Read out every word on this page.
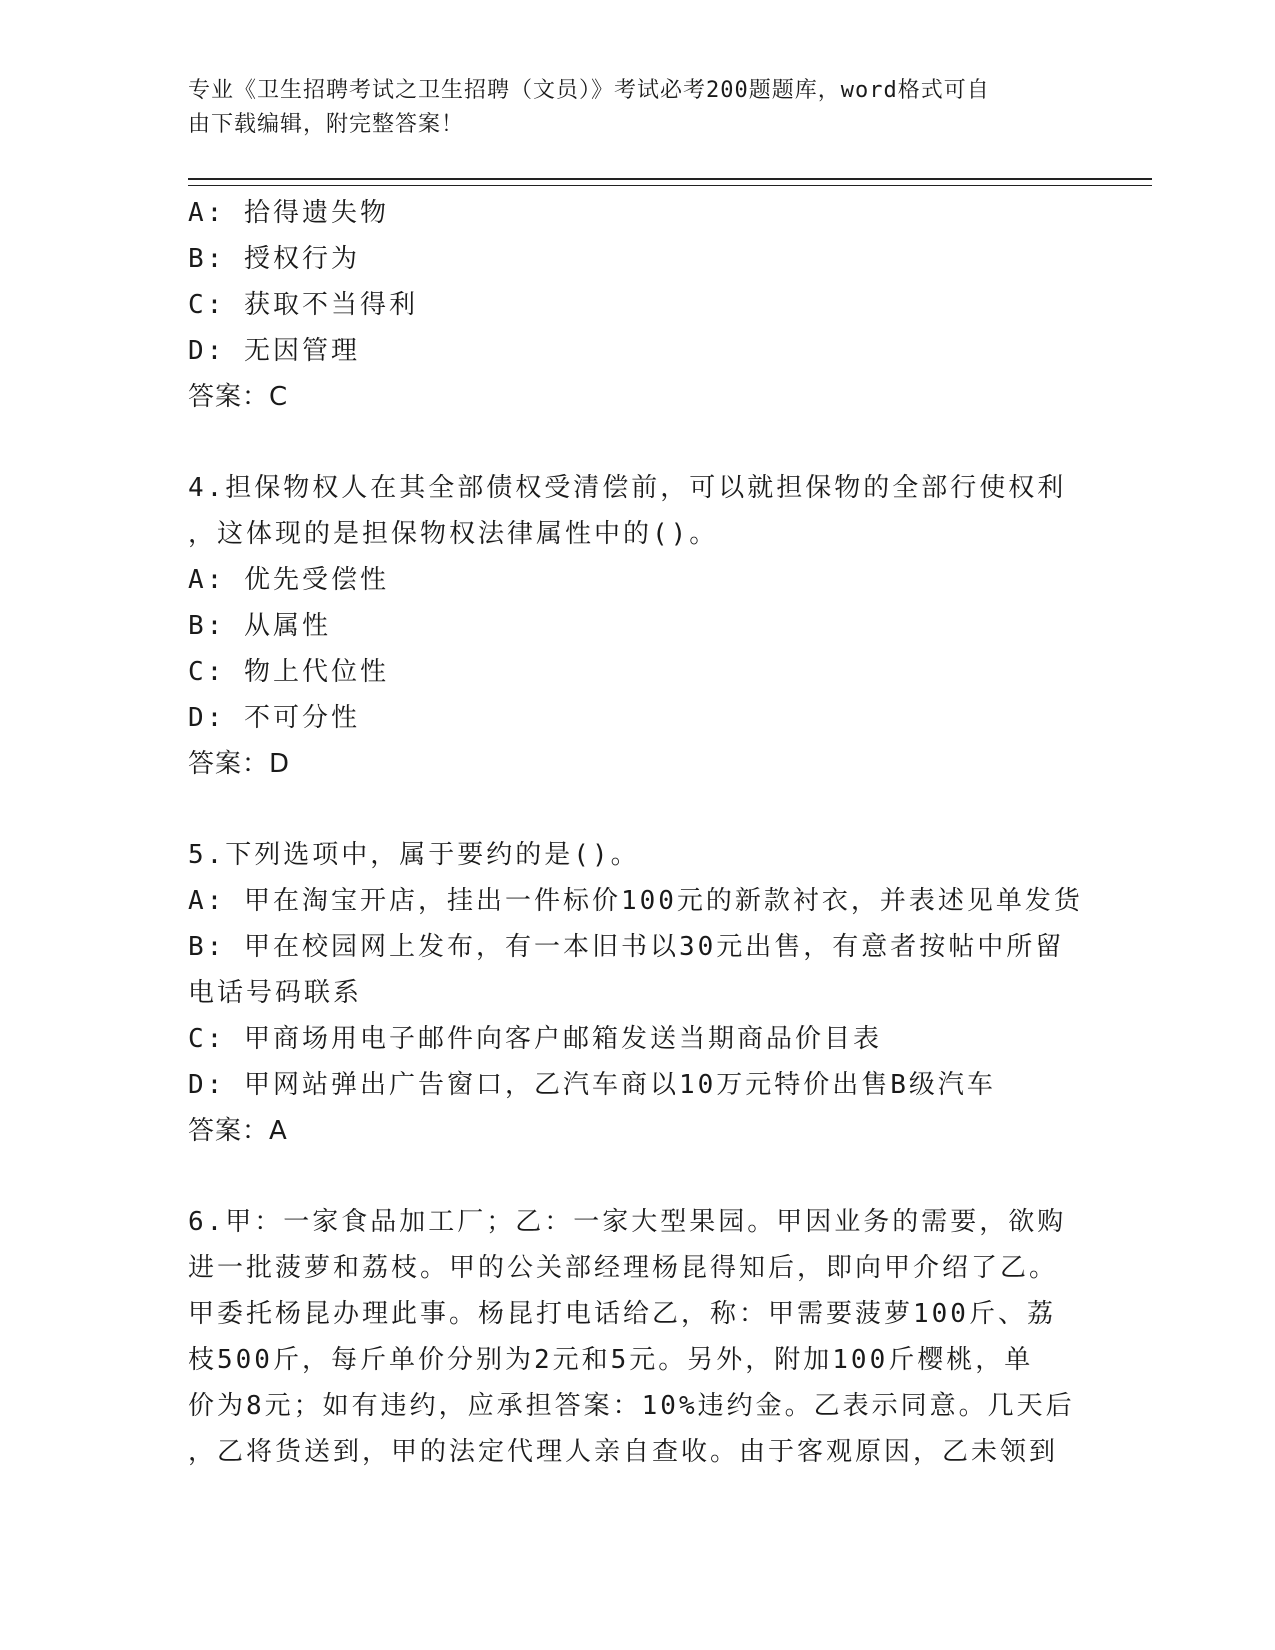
专业《卫生招聘考试之卫生招聘（文员）》考试必考200题题库，word格式可自
由下载编辑，附完整答案！
A: 拾得遗失物
B: 授权行为
C: 获取不当得利
D: 无因管理
答案：C
4.担保物权人在其全部债权受清偿前，可以就担保物的全部行使权利
，这体现的是担保物权法律属性中的()。
A: 优先受偿性
B: 从属性
C: 物上代位性
D: 不可分性
答案：D
5.下列选项中，属于要约的是()。
A: 甲在淘宝开店，挂出一件标价100元的新款衬衣，并表述见单发货
B: 甲在校园网上发布，有一本旧书以30元出售，有意者按帖中所留
电话号码联系
C: 甲商场用电子邮件向客户邮箱发送当期商品价目表
D: 甲网站弹出广告窗口，乙汽车商以10万元特价出售B级汽车
答案：A
6.甲：一家食品加工厂；乙：一家大型果园。甲因业务的需要，欲购
进一批菠萝和荔枝。甲的公关部经理杨昆得知后，即向甲介绍了乙。
甲委托杨昆办理此事。杨昆打电话给乙，称：甲需要菠萝100斤、荔
枝500斤，每斤单价分别为2元和5元。另外，附加100斤樱桃，单
价为8元；如有违约，应承担答案：10%违约金。乙表示同意。几天后
，乙将货送到，甲的法定代理人亲自查收。由于客观原因，乙未领到
